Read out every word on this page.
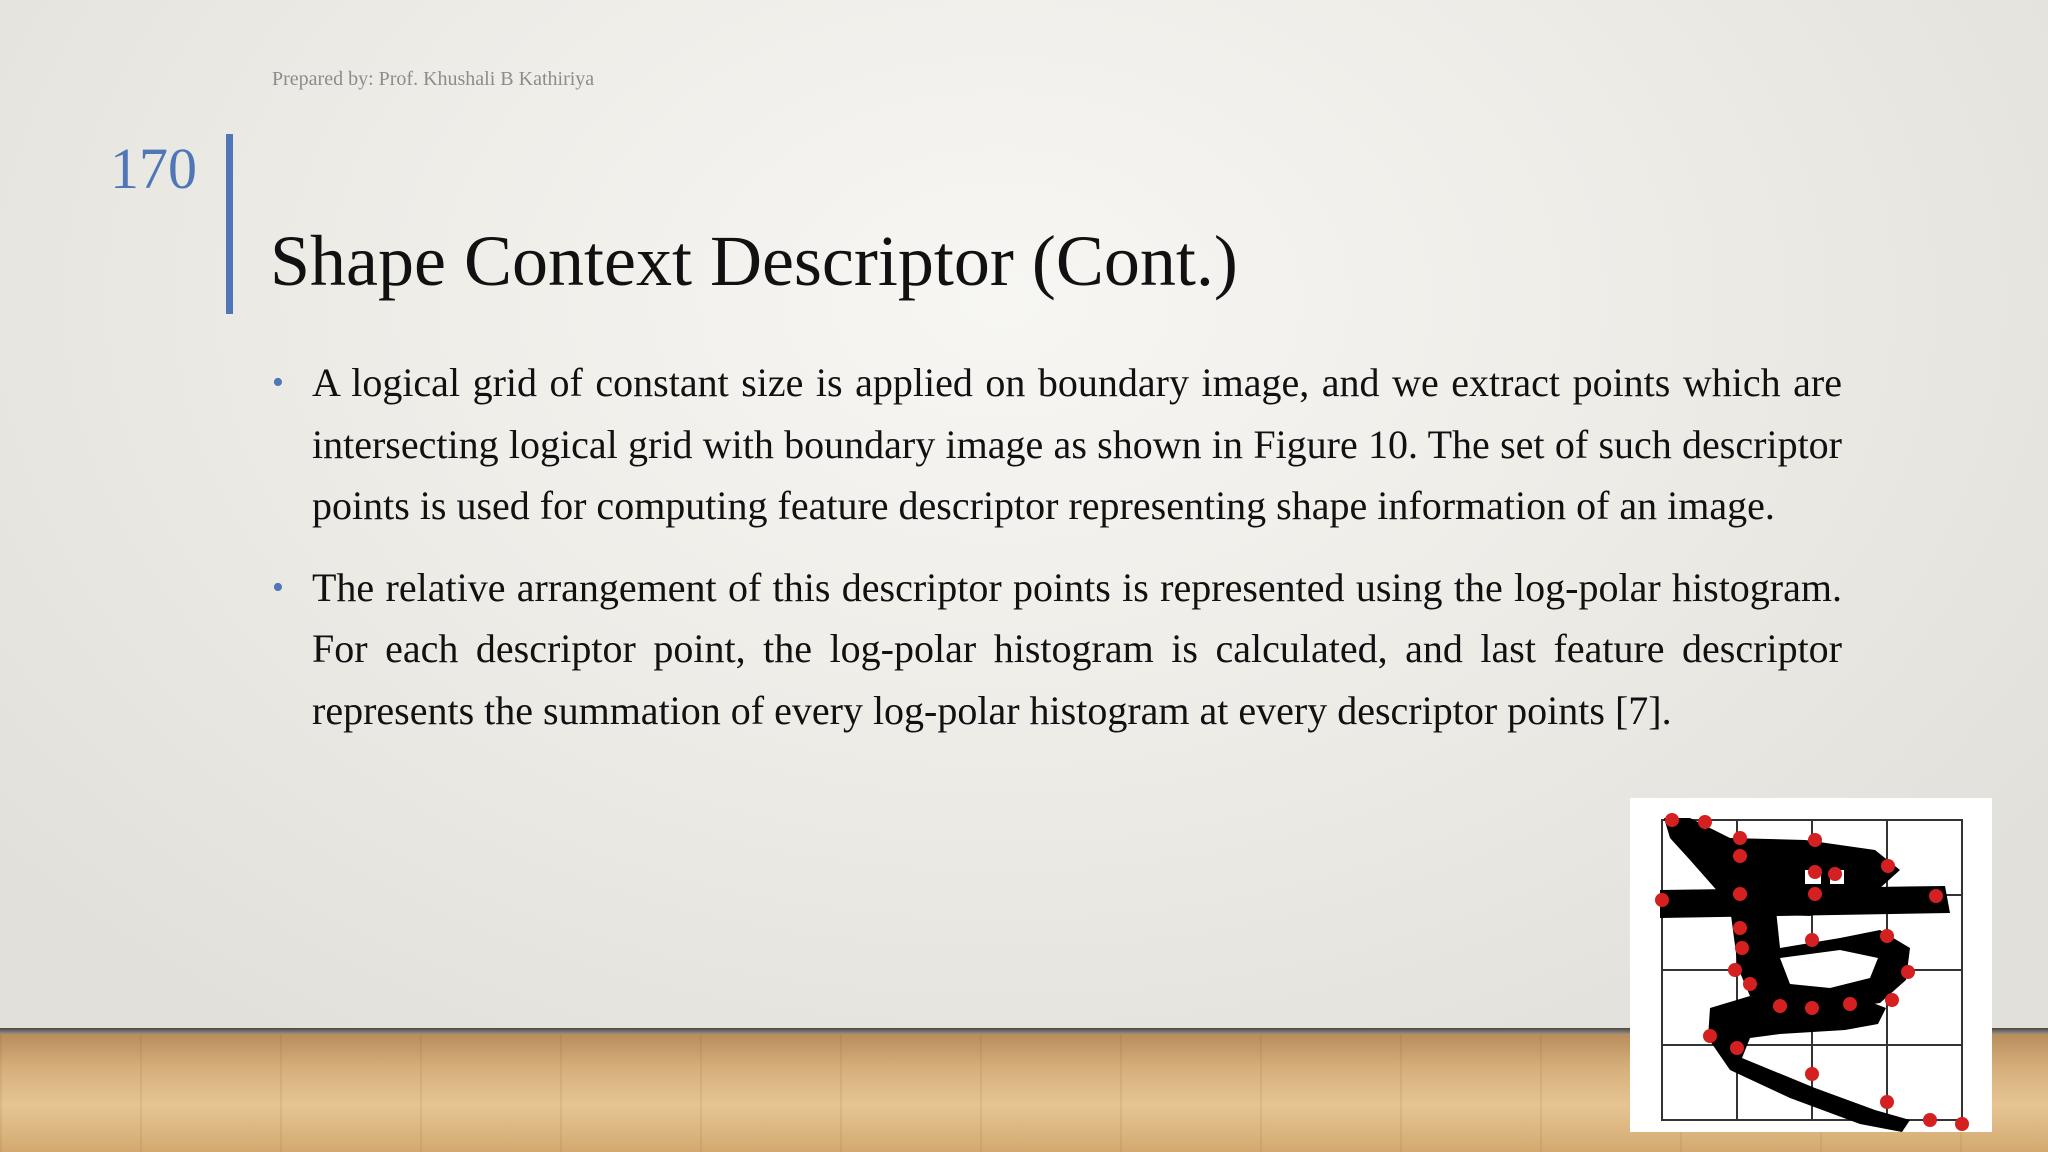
Prepared by: Prof. Khushali B Kathiriya
170
Shape Context Descriptor (Cont.)
• A logical grid of constant size is applied on boundary image, and we extract points which are intersecting logical grid with boundary image as shown in Figure 10. The set of such descriptor points is used for computing feature descriptor representing shape information of an image.
• The relative arrangement of this descriptor points is represented using the log-polar histogram. For each descriptor point, the log-polar histogram is calculated, and last feature descriptor represents the summation of every log-polar histogram at every descriptor points [7].
